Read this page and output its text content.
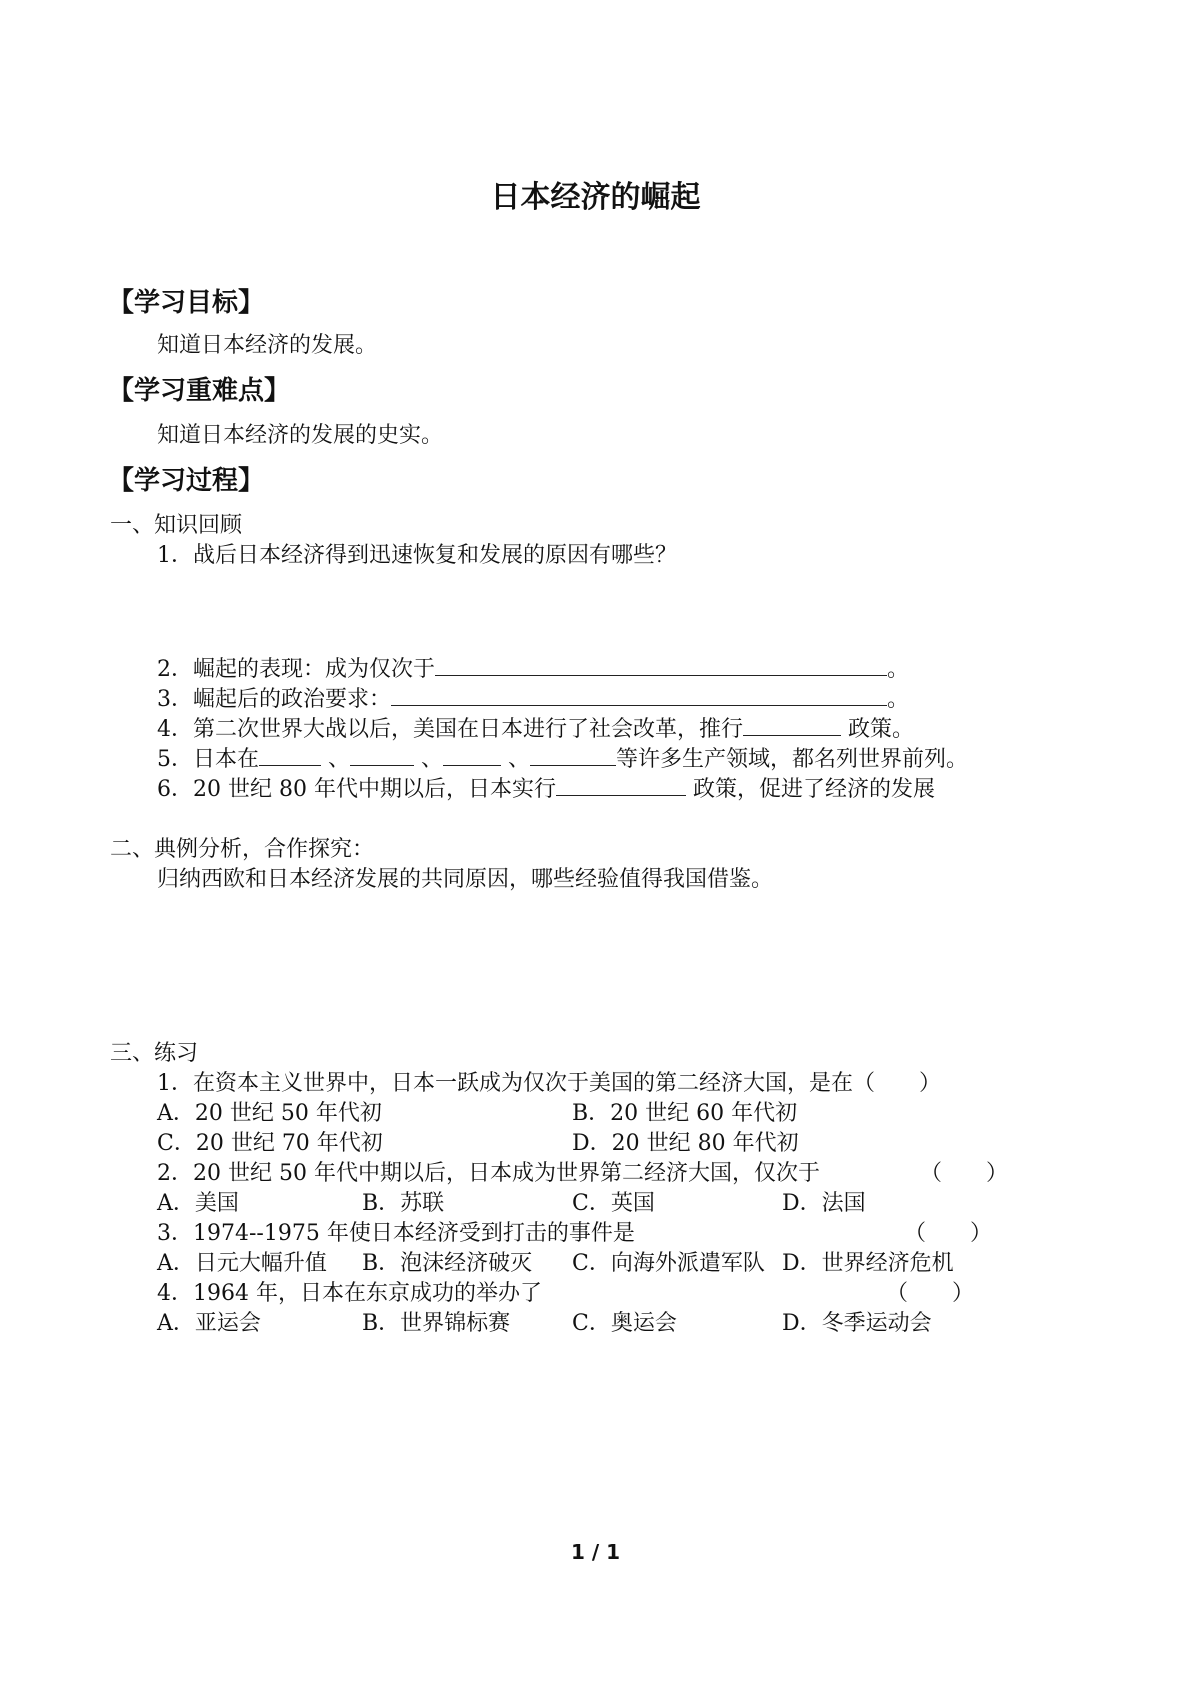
日本经济的崛起
【学习目标】
知道日本经济的发展。
【学习重难点】
知道日本经济的发展的史实。
【学习过程】
一、知识回顾
1．战后日本经济得到迅速恢复和发展的原因有哪些？
2．崛起的表现：成为仅次于	。
3．崛起后的政治要求：	。
4．第二次世界大战以后，美国在日本进行了社会改革，推行	政策。
5．日本在	、	、	、	等许多生产领域，都名列世界前列。
6．20 世纪 80 年代中期以后，日本实行	政策，促进了经济的发展
二、典例分析，合作探究：
归纳西欧和日本经济发展的共同原因，哪些经验值得我国借鉴。
三、练习
1．在资本主义世界中，日本一跃成为仅次于美国的第二经济大国，是在（　　）
A．20 世纪 50 年代初	B．20 世纪 60 年代初
C．20 世纪 70 年代初	D．20 世纪 80 年代初
2．20 世纪 50 年代中期以后，日本成为世界第二经济大国，仅次于	（　　）
A．美国	B．苏联	C．英国	D．法国
3．1974--1975 年使日本经济受到打击的事件是	（　　）
A．日元大幅升值 B．泡沫经济破灭 C．向海外派遣军队 D．世界经济危机
4．1964 年，日本在东京成功的举办了	（　　）
A．亚运会	B．世界锦标赛	C．奥运会	D．冬季运动会
1 / 1
